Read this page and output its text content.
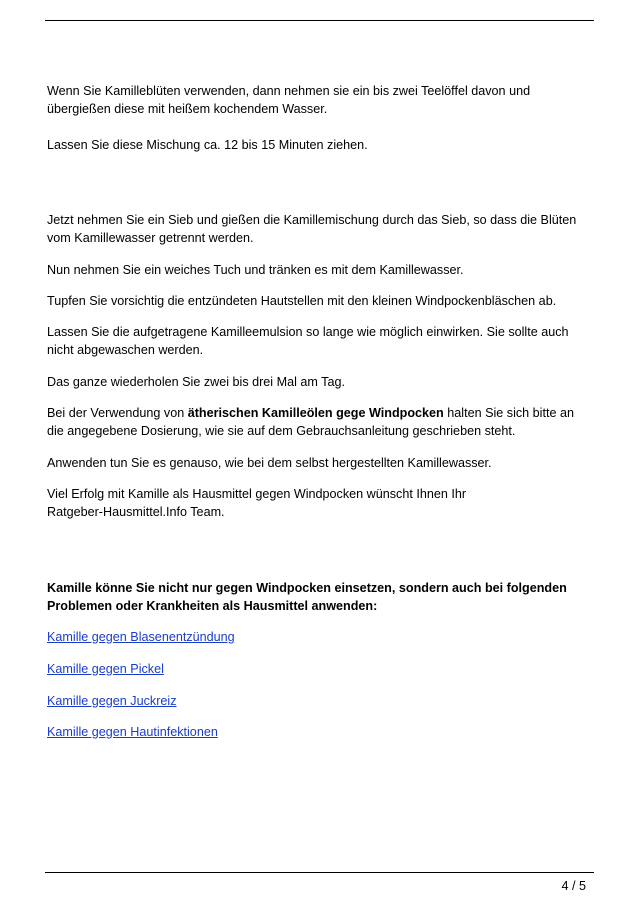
Wenn Sie Kamilleblüten verwenden, dann nehmen sie ein bis zwei Teelöffel davon und
übergießen diese mit heißem kochendem Wasser.

Lassen Sie diese Mischung ca. 12 bis 15 Minuten ziehen.

Jetzt nehmen Sie ein Sieb und gießen die Kamillemischung durch das Sieb, so dass die Blüten
vom Kamillewasser getrennt werden.

Nun nehmen Sie ein weiches Tuch und tränken es mit dem Kamillewasser.

Tupfen Sie vorsichtig die entzündeten Hautstellen mit den kleinen Windpockenbläschen ab.

Lassen Sie die aufgetragene Kamilleemulsion so lange wie möglich einwirken. Sie sollte auch
nicht abgewaschen werden.

Das ganze wiederholen Sie zwei bis drei Mal am Tag.

Bei der Verwendung von ätherischen Kamilleölen gege Windpocken halten Sie sich bitte an
die angegebene Dosierung, wie sie auf dem Gebrauchsanleitung geschrieben steht.

Anwenden tun Sie es genauso, wie bei dem selbst hergestellten Kamillewasser.

Viel Erfolg mit Kamille als Hausmittel gegen Windpocken wünscht Ihnen Ihr
Ratgeber-Hausmittel.Info Team.

Kamille könne Sie nicht nur gegen Windpocken einsetzen, sondern auch bei folgenden
Problemen oder Krankheiten als Hausmittel anwenden:

Kamille gegen Blasenentzündung

Kamille gegen Pickel

Kamille gegen Juckreiz

Kamille gegen Hautinfektionen

4 / 5
